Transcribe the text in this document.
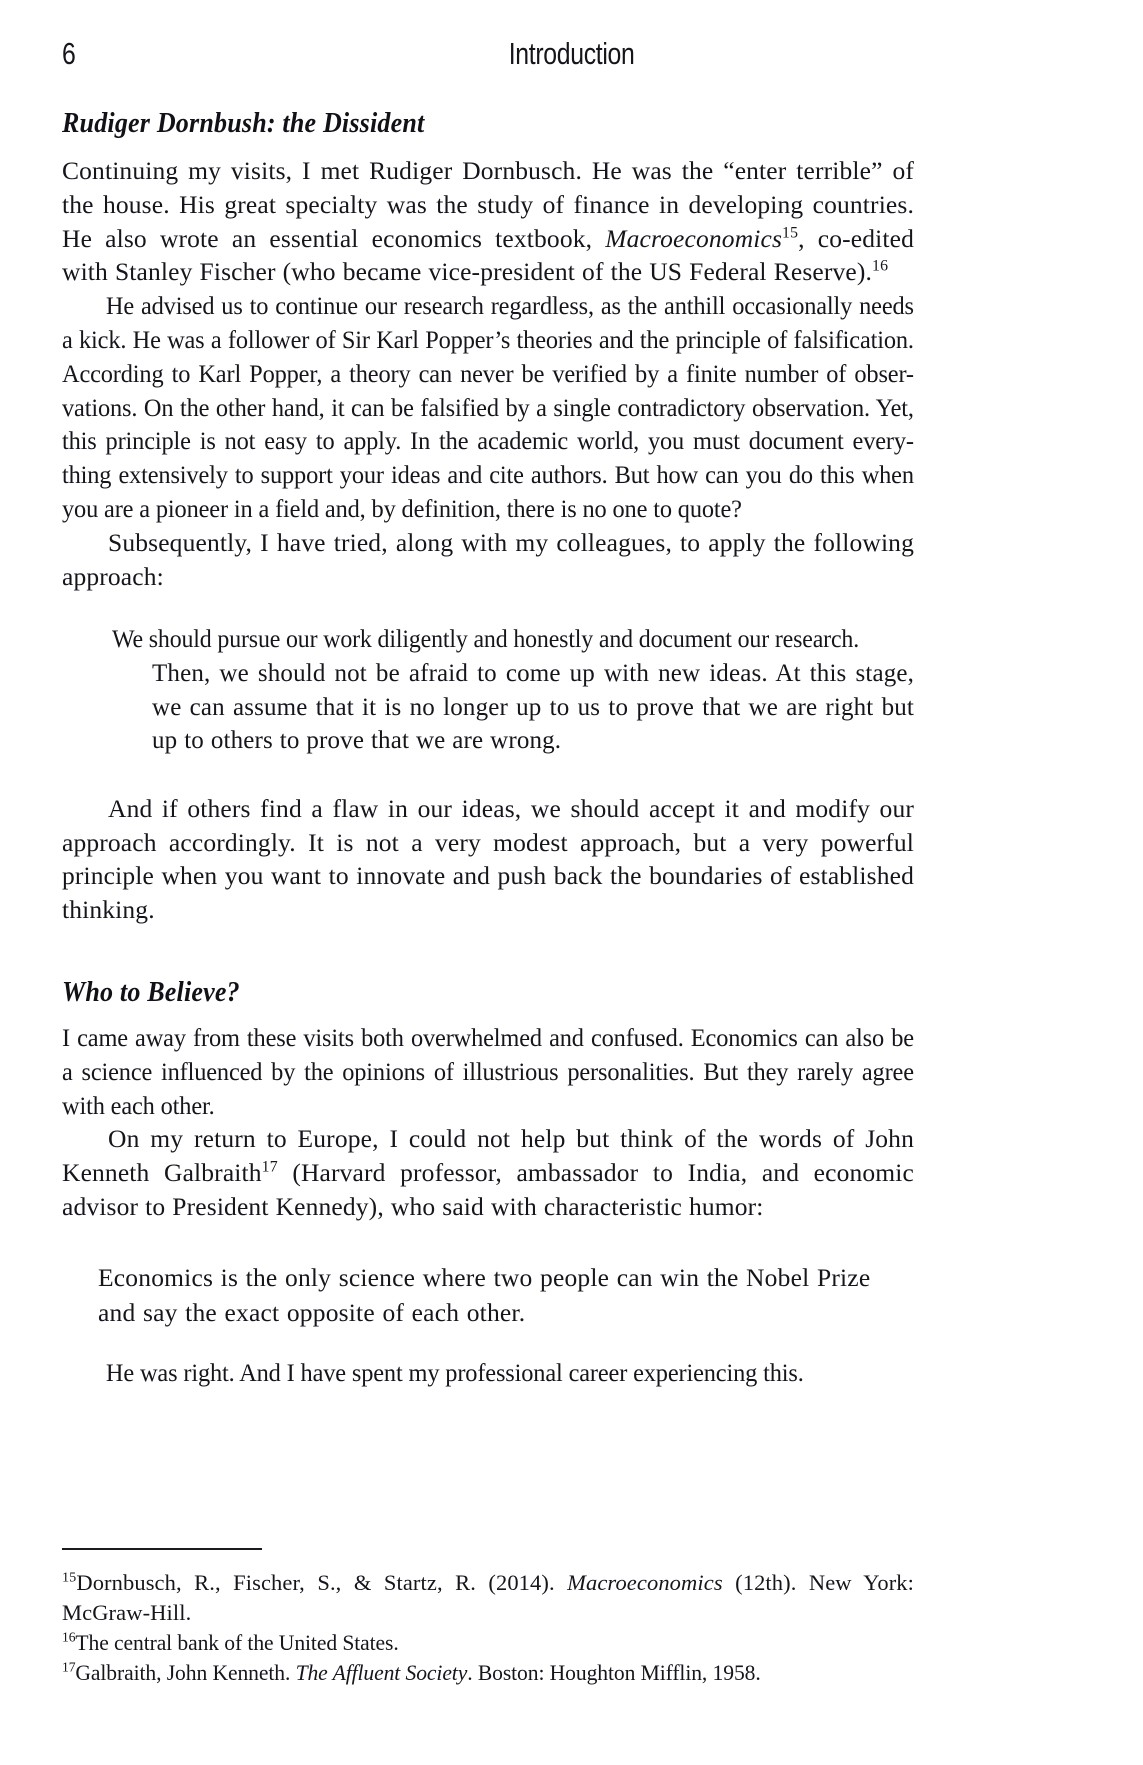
6	Introduction
Rudiger Dornbush: the Dissident

Continuing my visits, I met Rudiger Dornbusch. He was the “enter terrible” of the house. His great specialty was the study of finance in developing countries. He also wrote an essential economics textbook, Macroeconomics$^{15}$, co-edited with Stanley Fischer (who became vice-president of the US Federal Reserve).$^{16}$

He advised us to continue our research regardless, as the anthill occasionally needs a kick. He was a follower of Sir Karl Popper’s theories and the principle of falsification. According to Karl Popper, a theory can never be verified by a finite number of obser-vations. On the other hand, it can be falsified by a single contradictory observation. Yet, this principle is not easy to apply. In the academic world, you must document every-thing extensively to support your ideas and cite authors. But how can you do this when you are a pioneer in a field and, by definition, there is no one to quote?

Subsequently, I have tried, along with my colleagues, to apply the following approach:

We should pursue our work diligently and honestly and document our research.

Then, we should not be afraid to come up with new ideas. At this stage, we can assume that it is no longer up to us to prove that we are right but up to others to prove that we are wrong.

And if others find a flaw in our ideas, we should accept it and modify our approach accordingly. It is not a very modest approach, but a very powerful principle when you want to innovate and push back the boundaries of established thinking.

Who to Believe?

I came away from these visits both overwhelmed and confused. Economics can also be a science influenced by the opinions of illustrious personalities. But they rarely agree with each other.

On my return to Europe, I could not help but think of the words of John Kenneth Galbraith$^{17}$ (Harvard professor, ambassador to India, and economic advisor to President Kennedy), who said with characteristic humor:

Economics is the only science where two people can win the Nobel Prize and say the exact opposite of each other.

He was right. And I have spent my professional career experiencing this.

$^{15}$Dornbusch, R., Fischer, S., & Startz, R. (2014). Macroeconomics (12th). New York: McGraw-Hill.

$^{16}$The central bank of the United States.

$^{17}$Galbraith, John Kenneth. The Affluent Society. Boston: Houghton Mifflin, 1958.
